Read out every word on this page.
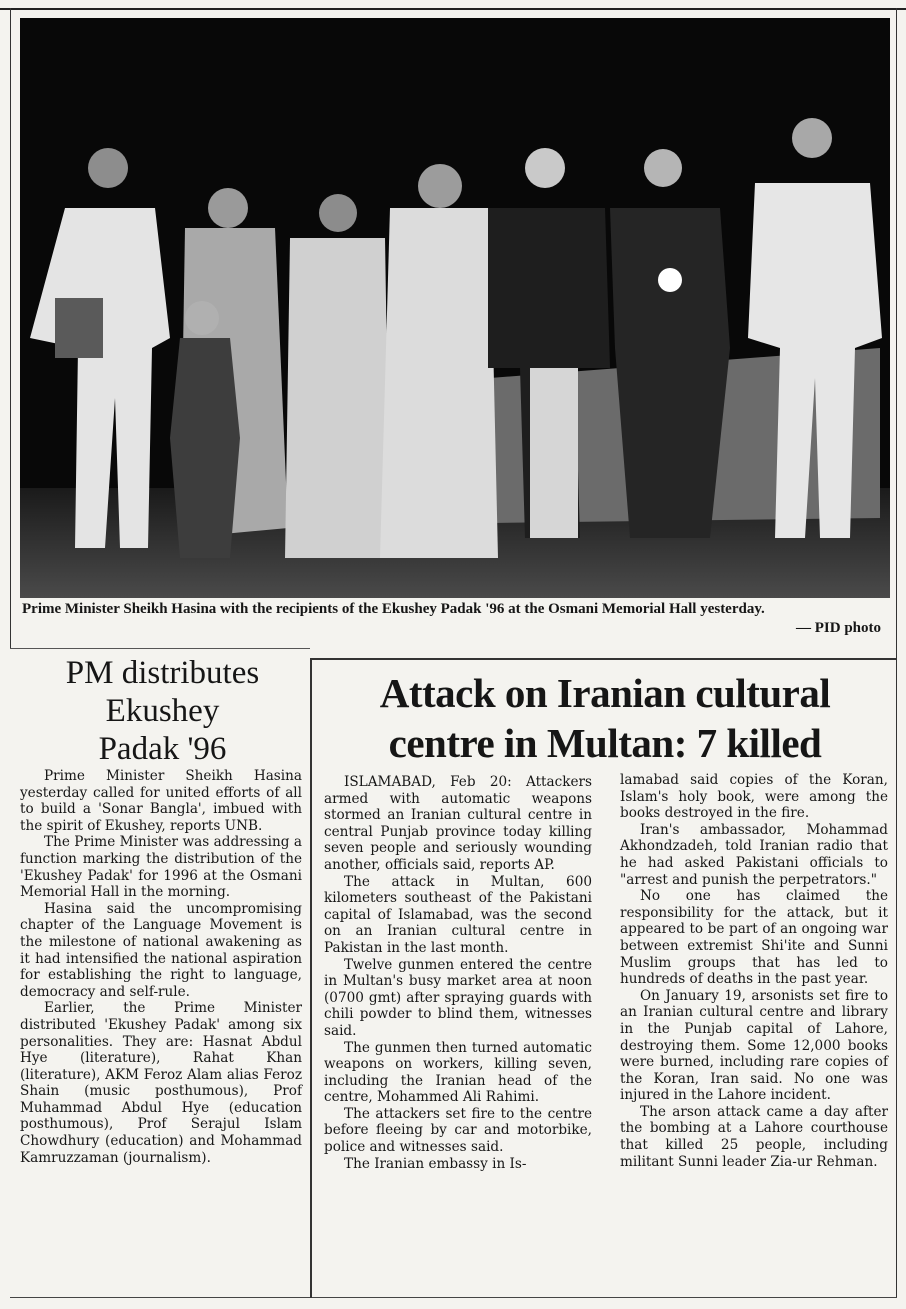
Prime Minister Sheikh Hasina with the recipients of the Ekushey Padak '96 at the Osmani Memorial Hall yesterday.
— PID photo
PM distributes
Ekushey
Padak '96

Prime Minister Sheikh Hasina yesterday called for united efforts of all to build a 'Sonar Bangla', imbued with the spirit of Ekushey, reports UNB.

The Prime Minister was addressing a function marking the distribution of the 'Ekushey Padak' for 1996 at the Osmani Memorial Hall in the morning.

Hasina said the uncompromising chapter of the Language Movement is the milestone of national awakening as it had intensified the national aspiration for establishing the right to language, democracy and self-rule.

Earlier, the Prime Minister distributed 'Ekushey Padak' among six personalities. They are: Hasnat Abdul Hye (literature), Rahat Khan (literature), AKM Feroz Alam alias Feroz Shain (music posthumous), Prof Muhammad Abdul Hye (education posthumous), Prof Serajul Islam Chowdhury (education) and Mohammad Kamruzzaman (journalism).

Attack on Iranian cultural
centre in Multan: 7 killed

ISLAMABAD, Feb 20: Attackers armed with automatic weapons stormed an Iranian cultural centre in central Punjab province today killing seven people and seriously wounding another, officials said, reports AP.

The attack in Multan, 600 kilometers southeast of the Pakistani capital of Islamabad, was the second on an Iranian cultural centre in Pakistan in the last month.

Twelve gunmen entered the centre in Multan's busy market area at noon (0700 gmt) after spraying guards with chili powder to blind them, witnesses said.

The gunmen then turned automatic weapons on workers, killing seven, including the Iranian head of the centre, Mohammed Ali Rahimi.

The attackers set fire to the centre before fleeing by car and motorbike, police and witnesses said.

The Iranian embassy in Is-

lamabad said copies of the Koran, Islam's holy book, were among the books destroyed in the fire.

Iran's ambassador, Mohammad Akhondzadeh, told Iranian radio that he had asked Pakistani officials to "arrest and punish the perpetrators."

No one has claimed the responsibility for the attack, but it appeared to be part of an ongoing war between extremist Shi'ite and Sunni Muslim groups that has led to hundreds of deaths in the past year.

On January 19, arsonists set fire to an Iranian cultural centre and library in the Punjab capital of Lahore, destroying them. Some 12,000 books were burned, including rare copies of the Koran, Iran said. No one was injured in the Lahore incident.

The arson attack came a day after the bombing at a Lahore courthouse that killed 25 people, including militant Sunni leader Zia-ur Rehman.
